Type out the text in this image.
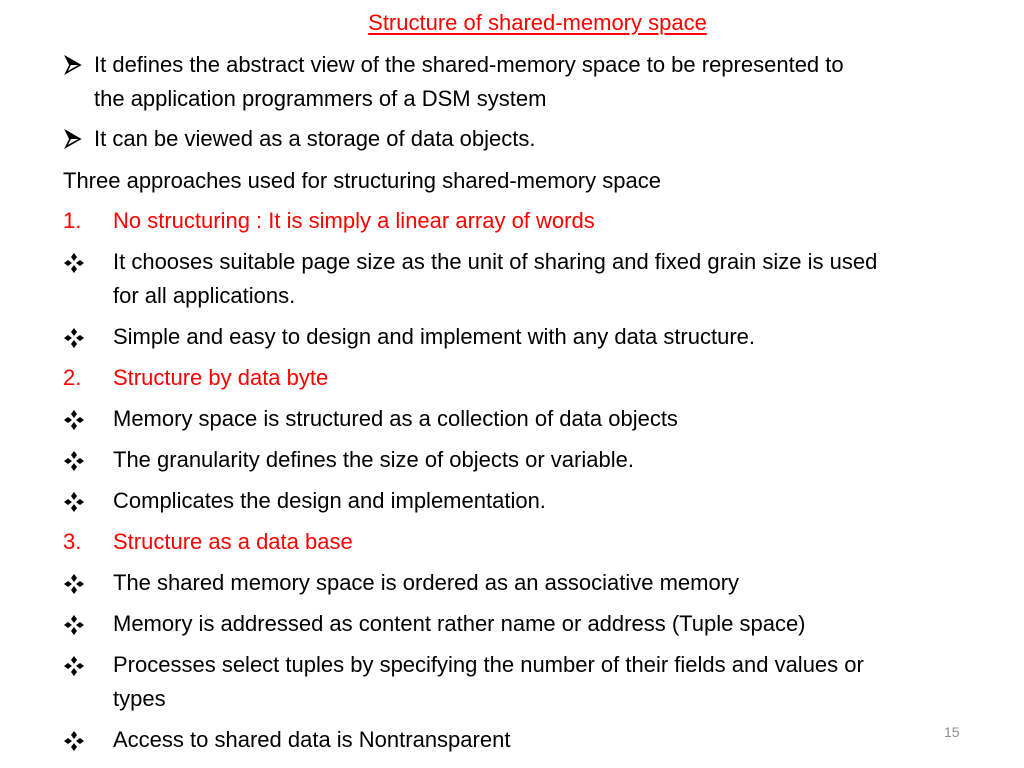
Structure of shared-memory space
It defines the abstract view of the shared-memory space to be represented to
the application programmers of a DSM system
It can be viewed as a storage of data objects.
Three approaches used for structuring shared-memory space
1. No structuring : It is simply a linear array of words
It chooses suitable page size as the unit of sharing and fixed grain size is used
for all applications.
Simple and easy to design and implement with any data structure.
2. Structure by data byte
Memory space is structured as a collection of data objects
The granularity defines the size of objects or variable.
Complicates the design and implementation.
3. Structure as a data base
The shared memory space is ordered as an associative memory
Memory is addressed as content rather name or address (Tuple space)
Processes select tuples by specifying the number of their fields and values or
types
Access to shared data is Nontransparent	15
